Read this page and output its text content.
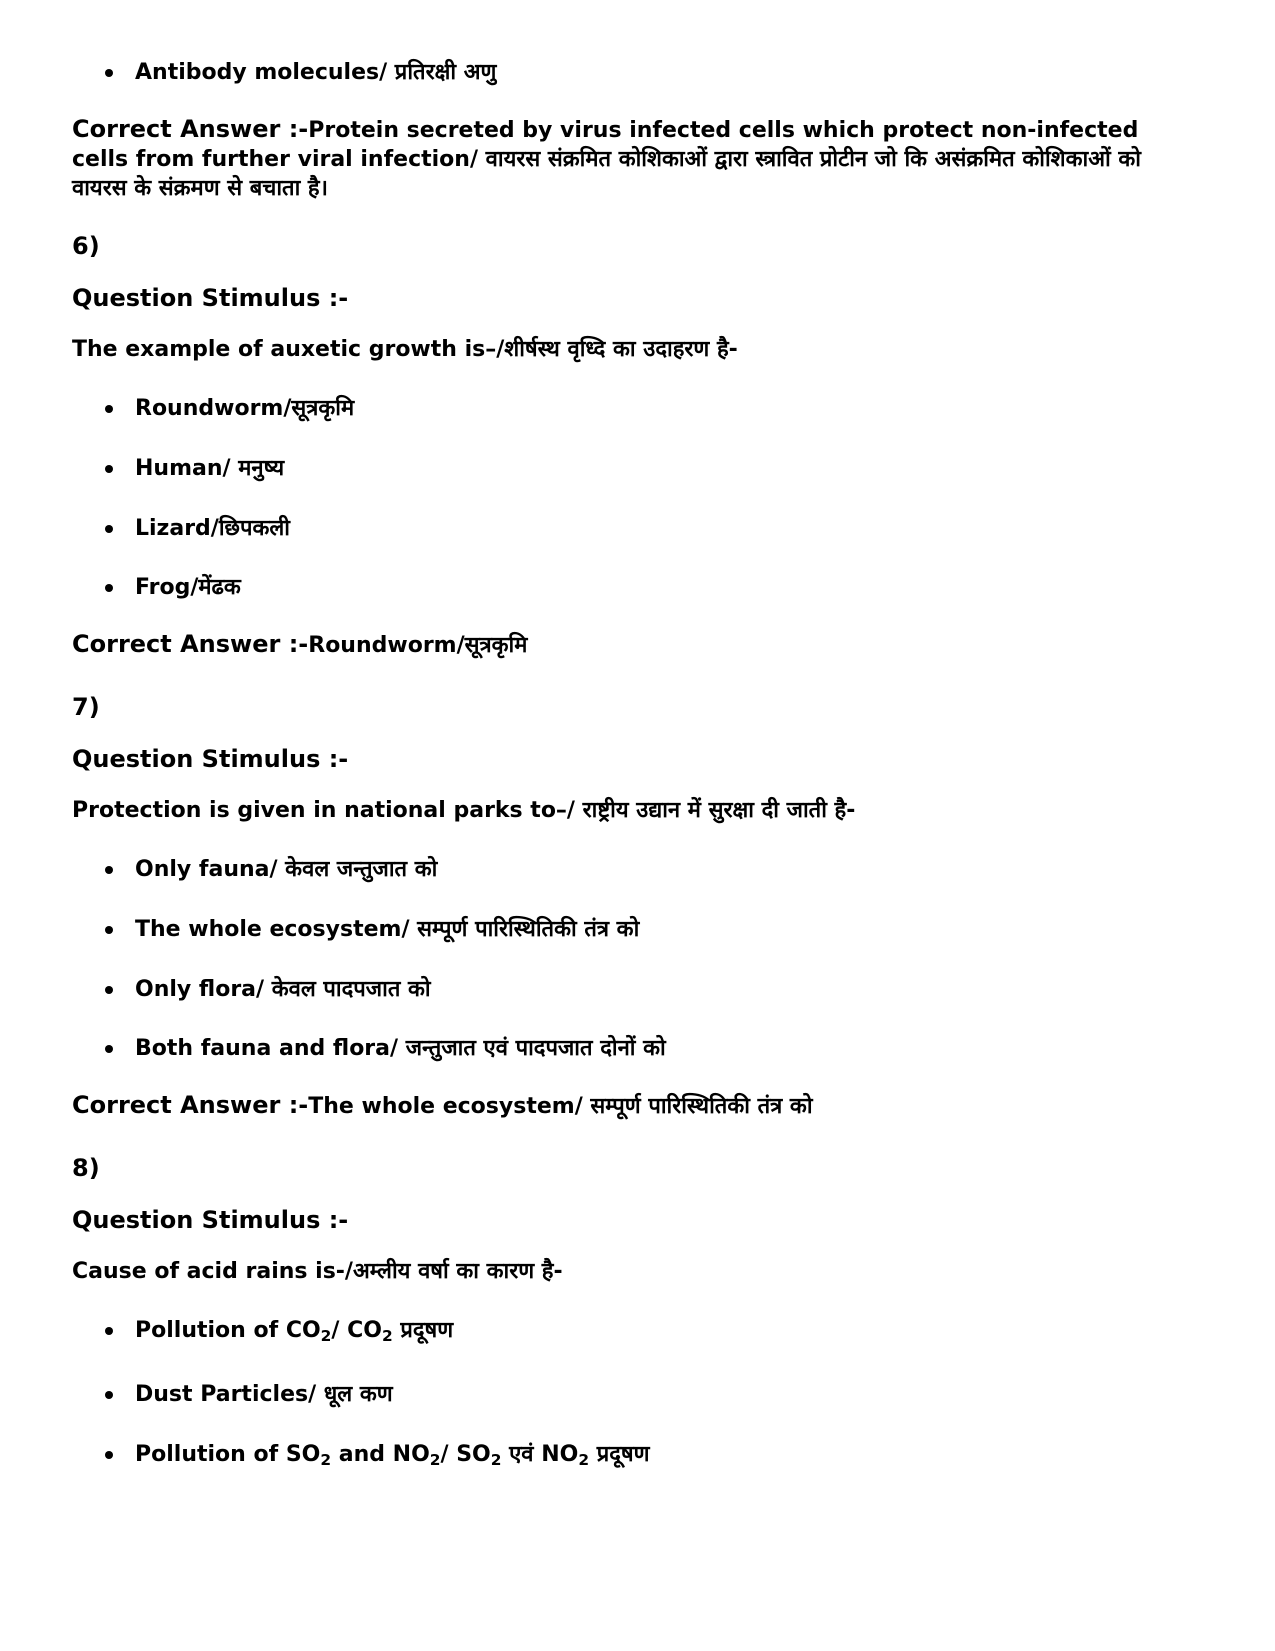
Antibody molecules/ प्रतिरक्षी अणु
Correct Answer :-Protein secreted by virus infected cells which protect non-infected cells from further viral infection/ वायरस संक्रमित कोशिकाओं द्वारा स्त्रावित प्रोटीन जो कि असंक्रमित कोशिकाओं को वायरस के संक्रमण से बचाता है।
6)
Question Stimulus :-
The example of auxetic growth is–/शीर्षस्थ वृध्दि का उदाहरण है-
Roundworm/सूत्रकृमि
Human/ मनुष्य
Lizard/छिपकली
Frog/मेंढक
Correct Answer :-Roundworm/सूत्रकृमि
7)
Question Stimulus :-
Protection is given in national parks to–/ राष्ट्रीय उद्यान में सुरक्षा दी जाती है-
Only fauna/ केवल जन्तुजात को
The whole ecosystem/ सम्पूर्ण पारिस्थितिकी तंत्र को
Only flora/ केवल पादपजात को
Both fauna and flora/ जन्तुजात एवं पादपजात दोनों को
Correct Answer :-The whole ecosystem/ सम्पूर्ण पारिस्थितिकी तंत्र को
8)
Question Stimulus :-
Cause of acid rains is-/अम्लीय वर्षा का कारण है-
Pollution of $CO_2/$ $CO_2$ प्रदूषण
Dust Particles/ धूल कण
Pollution of $SO_2$ and $NO_2/$ $SO_2$ एवं $NO_2$ प्रदूषण
